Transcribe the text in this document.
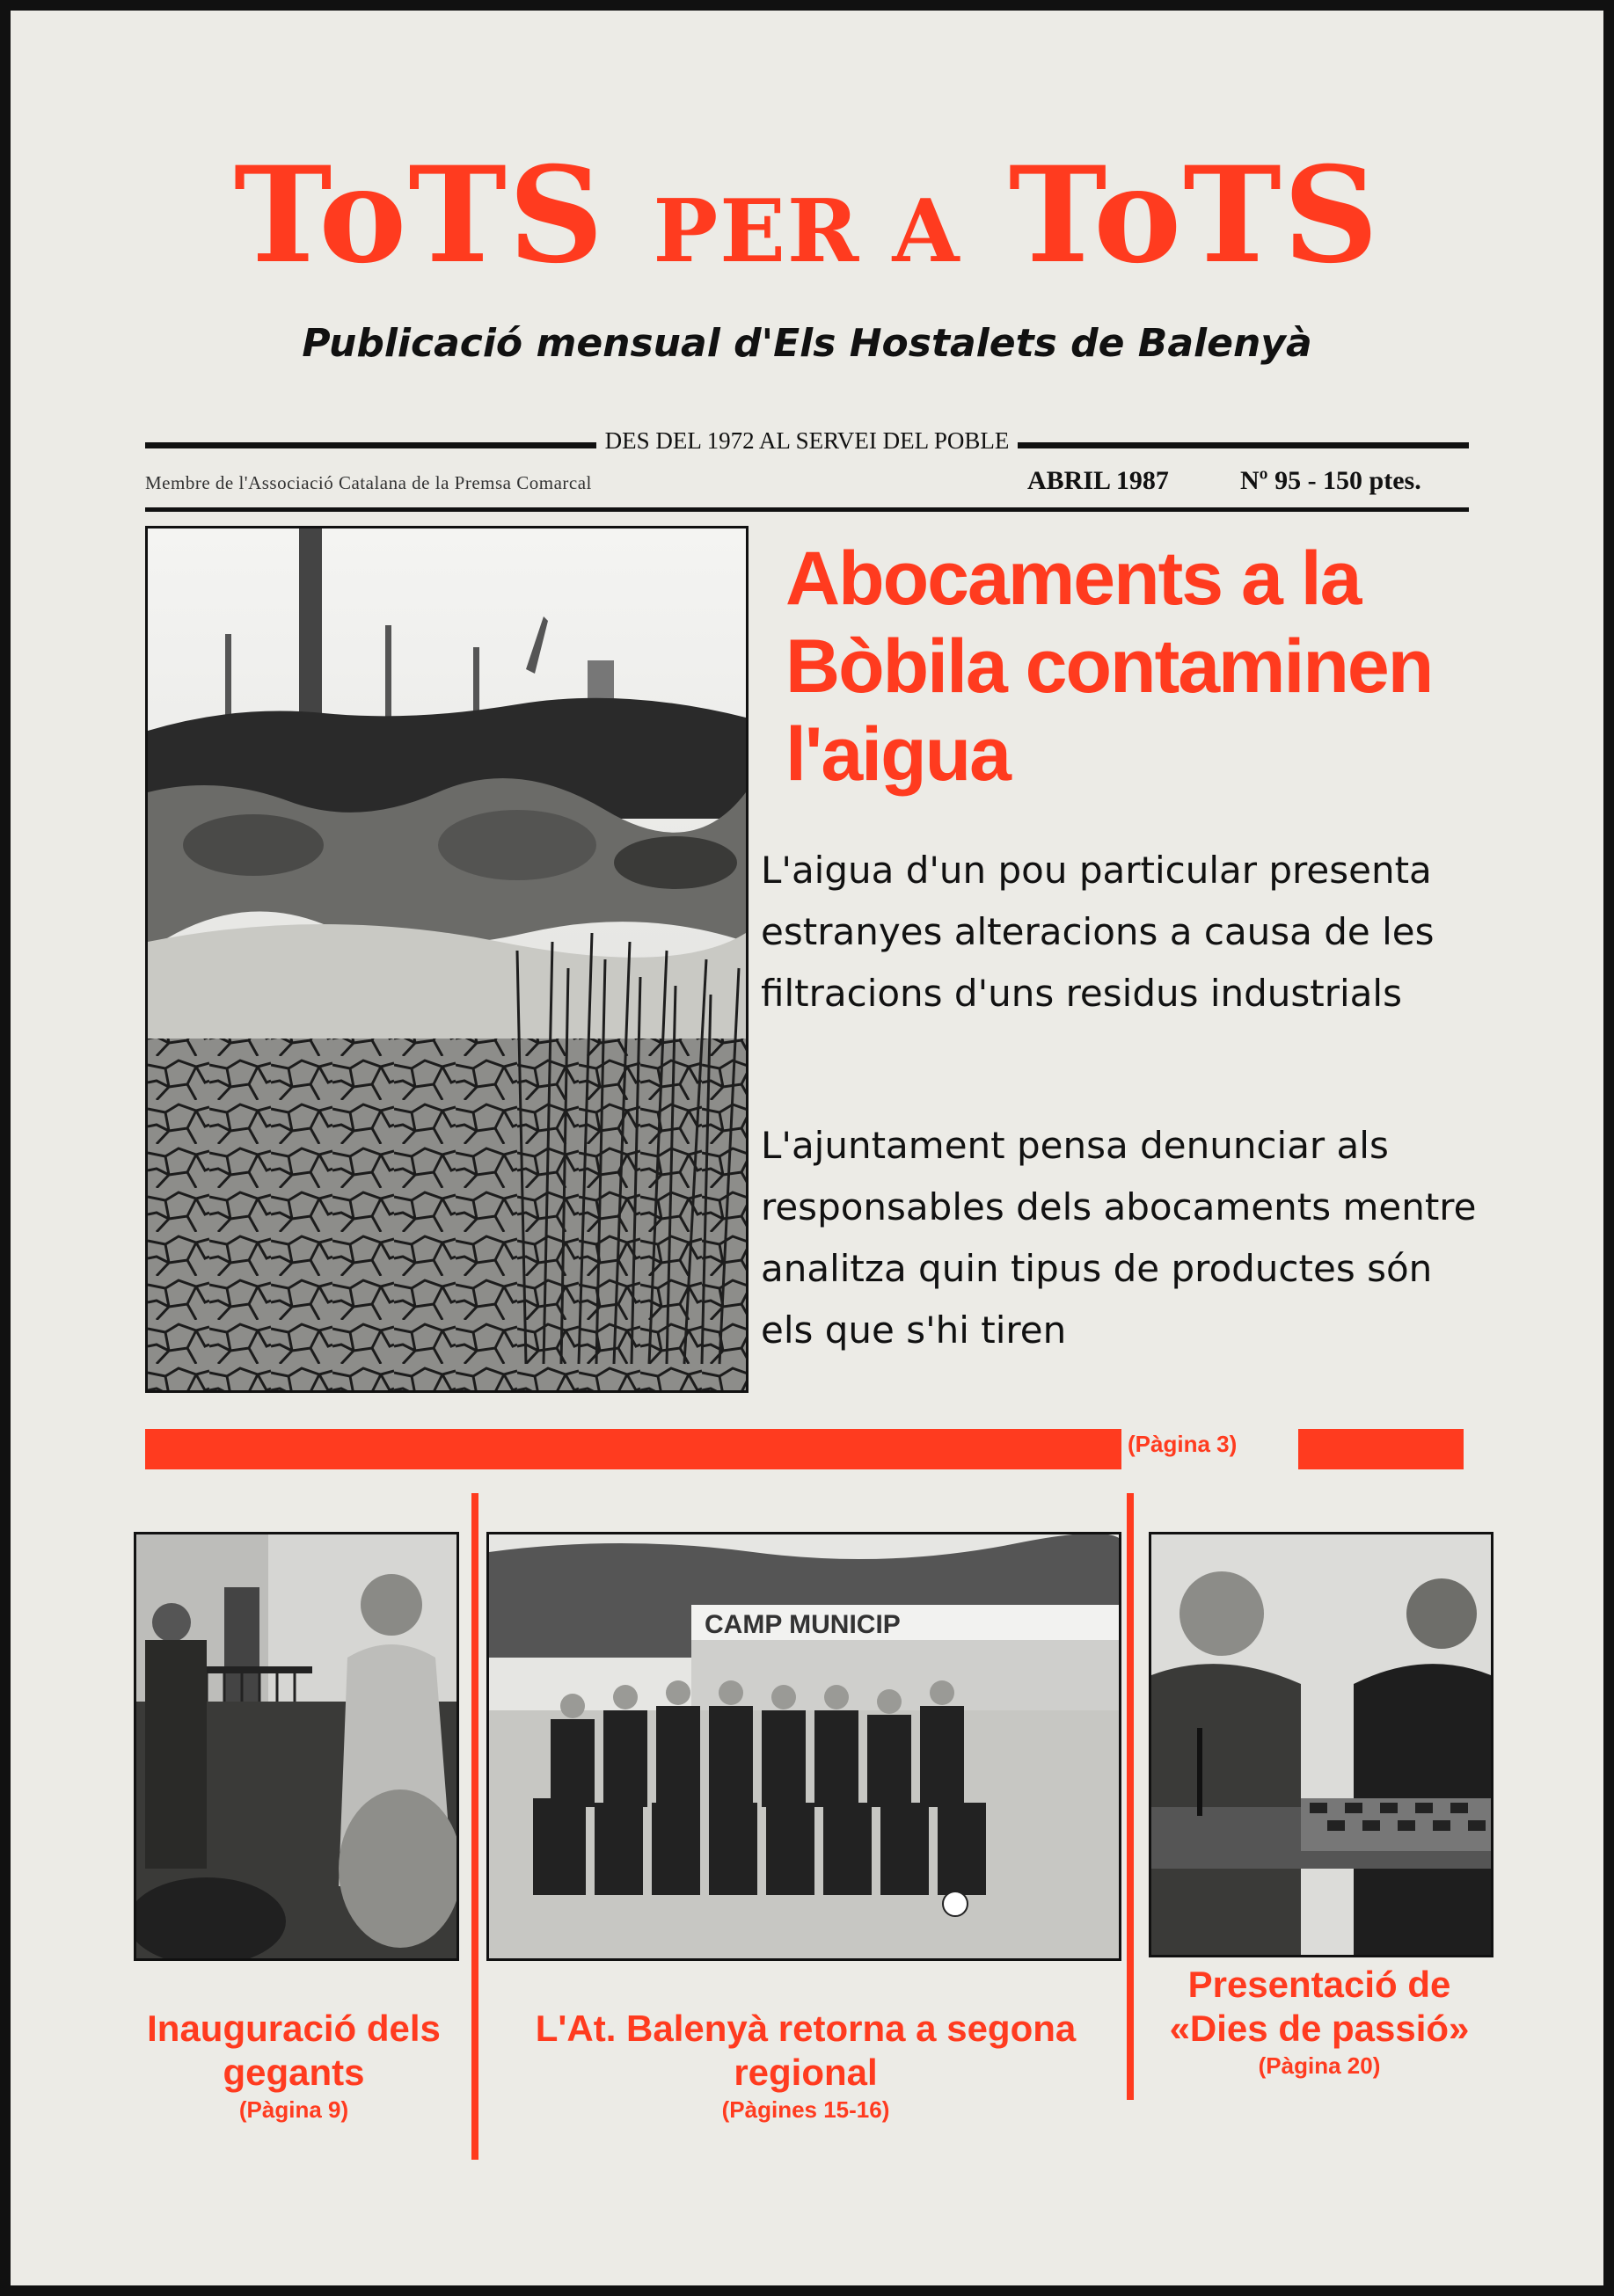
ToTS PER A ToTS
Publicació mensual d'Els Hostalets de Balenyà
DES DEL 1972 AL SERVEI DEL POBLE
Membre de l'Associació Catalana de la Premsa Comarcal	ABRIL 1987	Nº 95 - 150 ptes.
Abocaments a la
Bòbila contaminen
l'aigua
L'aigua d'un pou particular presenta estranyes alteracions a causa de les filtracions d'uns residus industrials
L'ajuntament pensa denunciar als responsables dels abocaments mentre analitza quin tipus de productes són els que s'hi tiren
(Pàgina 3)
CAMP MUNICIP
Inauguració dels gegants
(Pàgina 9)
L'At. Balenyà retorna a segona regional
(Pàgines 15-16)
Presentació de «Dies de passió»
(Pàgina 20)
